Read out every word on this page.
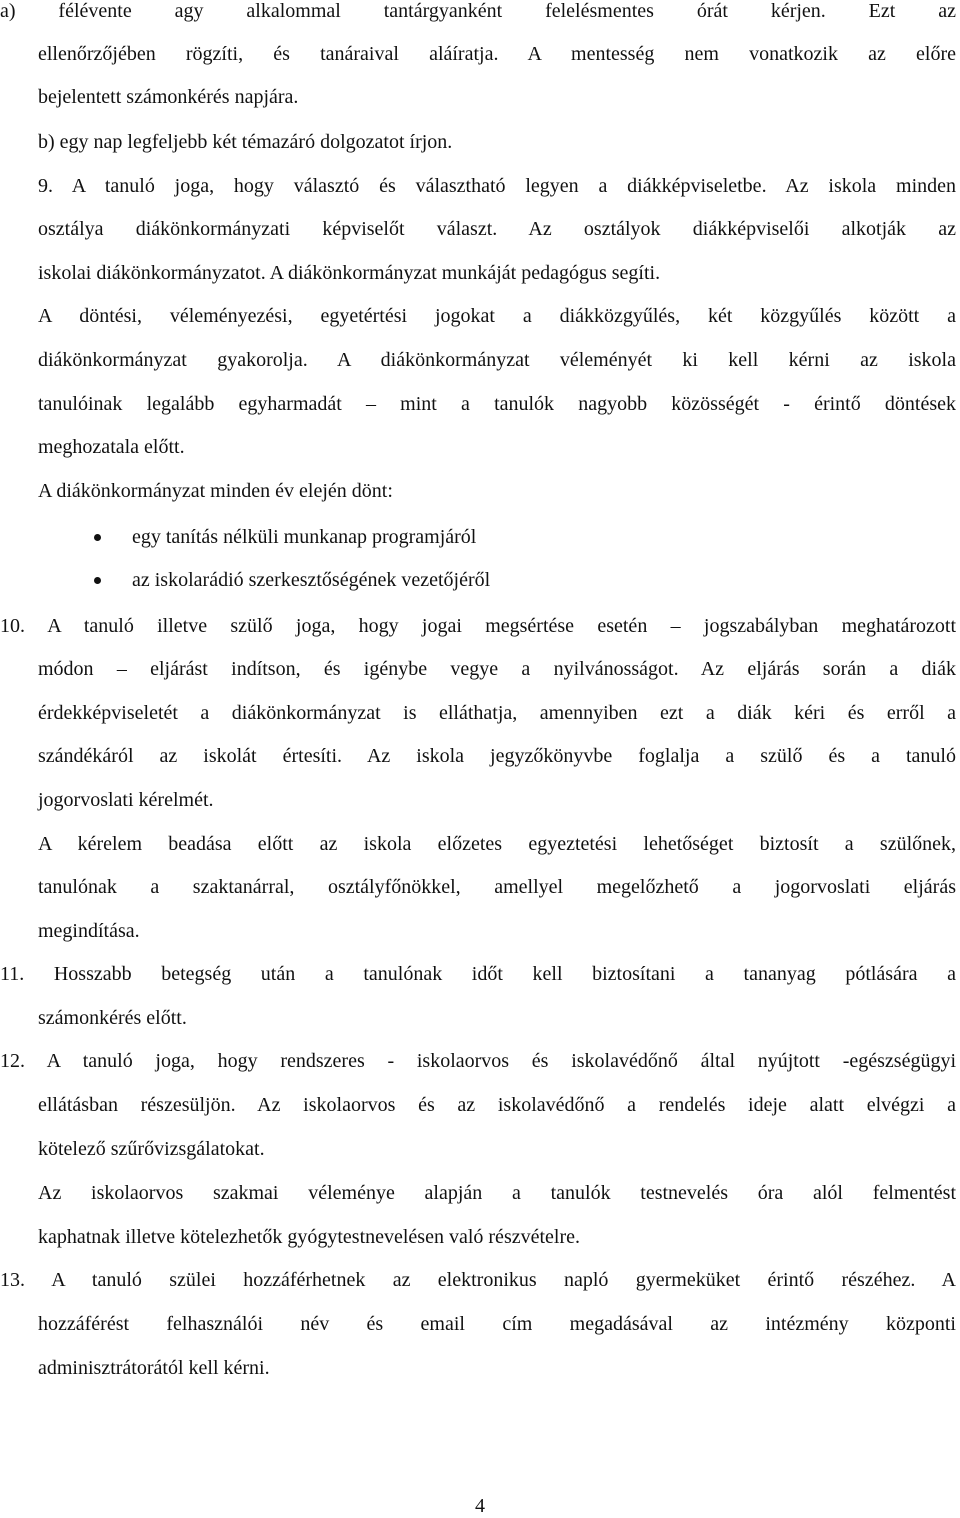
a) félévente agy alkalommal tantárgyanként felelésmentes órát kérjen. Ezt az
ellenőrzőjében rögzíti, és tanáraival aláíratja. A mentesség nem vonatkozik az előre
bejelentett számonkérés napjára.
b) egy nap legfeljebb két témazáró dolgozatot írjon.
9. A tanuló joga, hogy választó és választható legyen a diákképviseletbe. Az iskola minden
osztálya diákönkormányzati képviselőt választ. Az osztályok diákképviselői alkotják az
iskolai diákönkormányzatot. A diákönkormányzat munkáját pedagógus segíti.
A döntési, véleményezési, egyetértési jogokat a diákközgyűlés, két közgyűlés között a
diákönkormányzat gyakorolja. A diákönkormányzat véleményét ki kell kérni az iskola
tanulóinak legalább egyharmadát – mint a tanulók nagyobb közösségét - érintő döntések
meghozatala előtt.
A diákönkormányzat minden év elején dönt:
egy tanítás nélküli munkanap programjáról
az iskolarádió szerkesztőségének vezetőjéről
10. A tanuló illetve szülő joga, hogy jogai megsértése esetén – jogszabályban meghatározott
módon – eljárást indítson, és igénybe vegye a nyilvánosságot. Az eljárás során a diák
érdekképviseletét a diákönkormányzat is elláthatja, amennyiben ezt a diák kéri és erről a
szándékáról az iskolát értesíti. Az iskola jegyzőkönyvbe foglalja a szülő és a tanuló
jogorvoslati kérelmét.
A kérelem beadása előtt az iskola előzetes egyeztetési lehetőséget biztosít a szülőnek,
tanulónak a szaktanárral, osztályfőnökkel, amellyel megelőzhető a jogorvoslati eljárás
megindítása.
11. Hosszabb betegség után a tanulónak időt kell biztosítani a tananyag pótlására a
számonkérés előtt.
12. A tanuló joga, hogy rendszeres - iskolaorvos és iskolavédőnő által nyújtott -egészségügyi
ellátásban részesüljön. Az iskolaorvos és az iskolavédőnő a rendelés ideje alatt elvégzi a
kötelező szűrővizsgálatokat.
Az iskolaorvos szakmai véleménye alapján a tanulók testnevelés óra alól felmentést
kaphatnak illetve kötelezhetők gyógytestnevelésen való részvételre.
13. A tanuló szülei hozzáférhetnek az elektronikus napló gyermeküket érintő részéhez. A
hozzáférést felhasználói név és email cím megadásával az intézmény központi
adminisztrátorától kell kérni.
4
